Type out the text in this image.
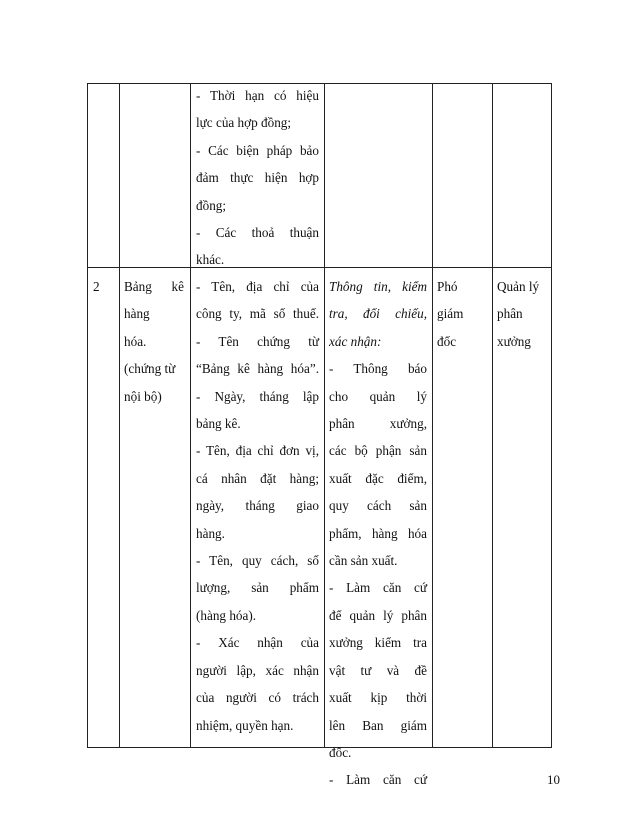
- Thời hạn có hiệu

lực của hợp đồng;

- Các biện pháp bảo

đảm thực hiện hợp

đồng;

- Các thoả thuận

khác.

2	Bảng kê

hàng

hóa.

(chứng từ

nội bộ)

- Tên, địa chỉ của

công ty, mã số thuế.

- Tên chứng từ

“Bảng kê hàng hóa”.

- Ngày, tháng lập

bảng kê.

- Tên, địa chỉ đơn vị,

cá nhân đặt hàng;

ngày, tháng giao

hàng.

- Tên, quy cách, số

lượng, sản phẩm

(hàng hóa).

- Xác nhận của

người lập, xác nhận

của người có trách

nhiệm, quyền hạn.

Thông tin, kiểm

tra, đối chiếu,

xác nhận:

- Thông báo

cho quản lý

phân xưởng,

các bộ phận sản

xuất đặc điểm,

quy cách sản

phẩm, hàng hóa

cần sản xuất.

- Làm căn cứ

để quản lý phân

xưởng kiểm tra

vật tư và đề

xuất kịp thời

lên Ban giám

đốc.

- Làm căn cứ

Phó

giám

đốc

Quản lý

phân

xưởng

10
